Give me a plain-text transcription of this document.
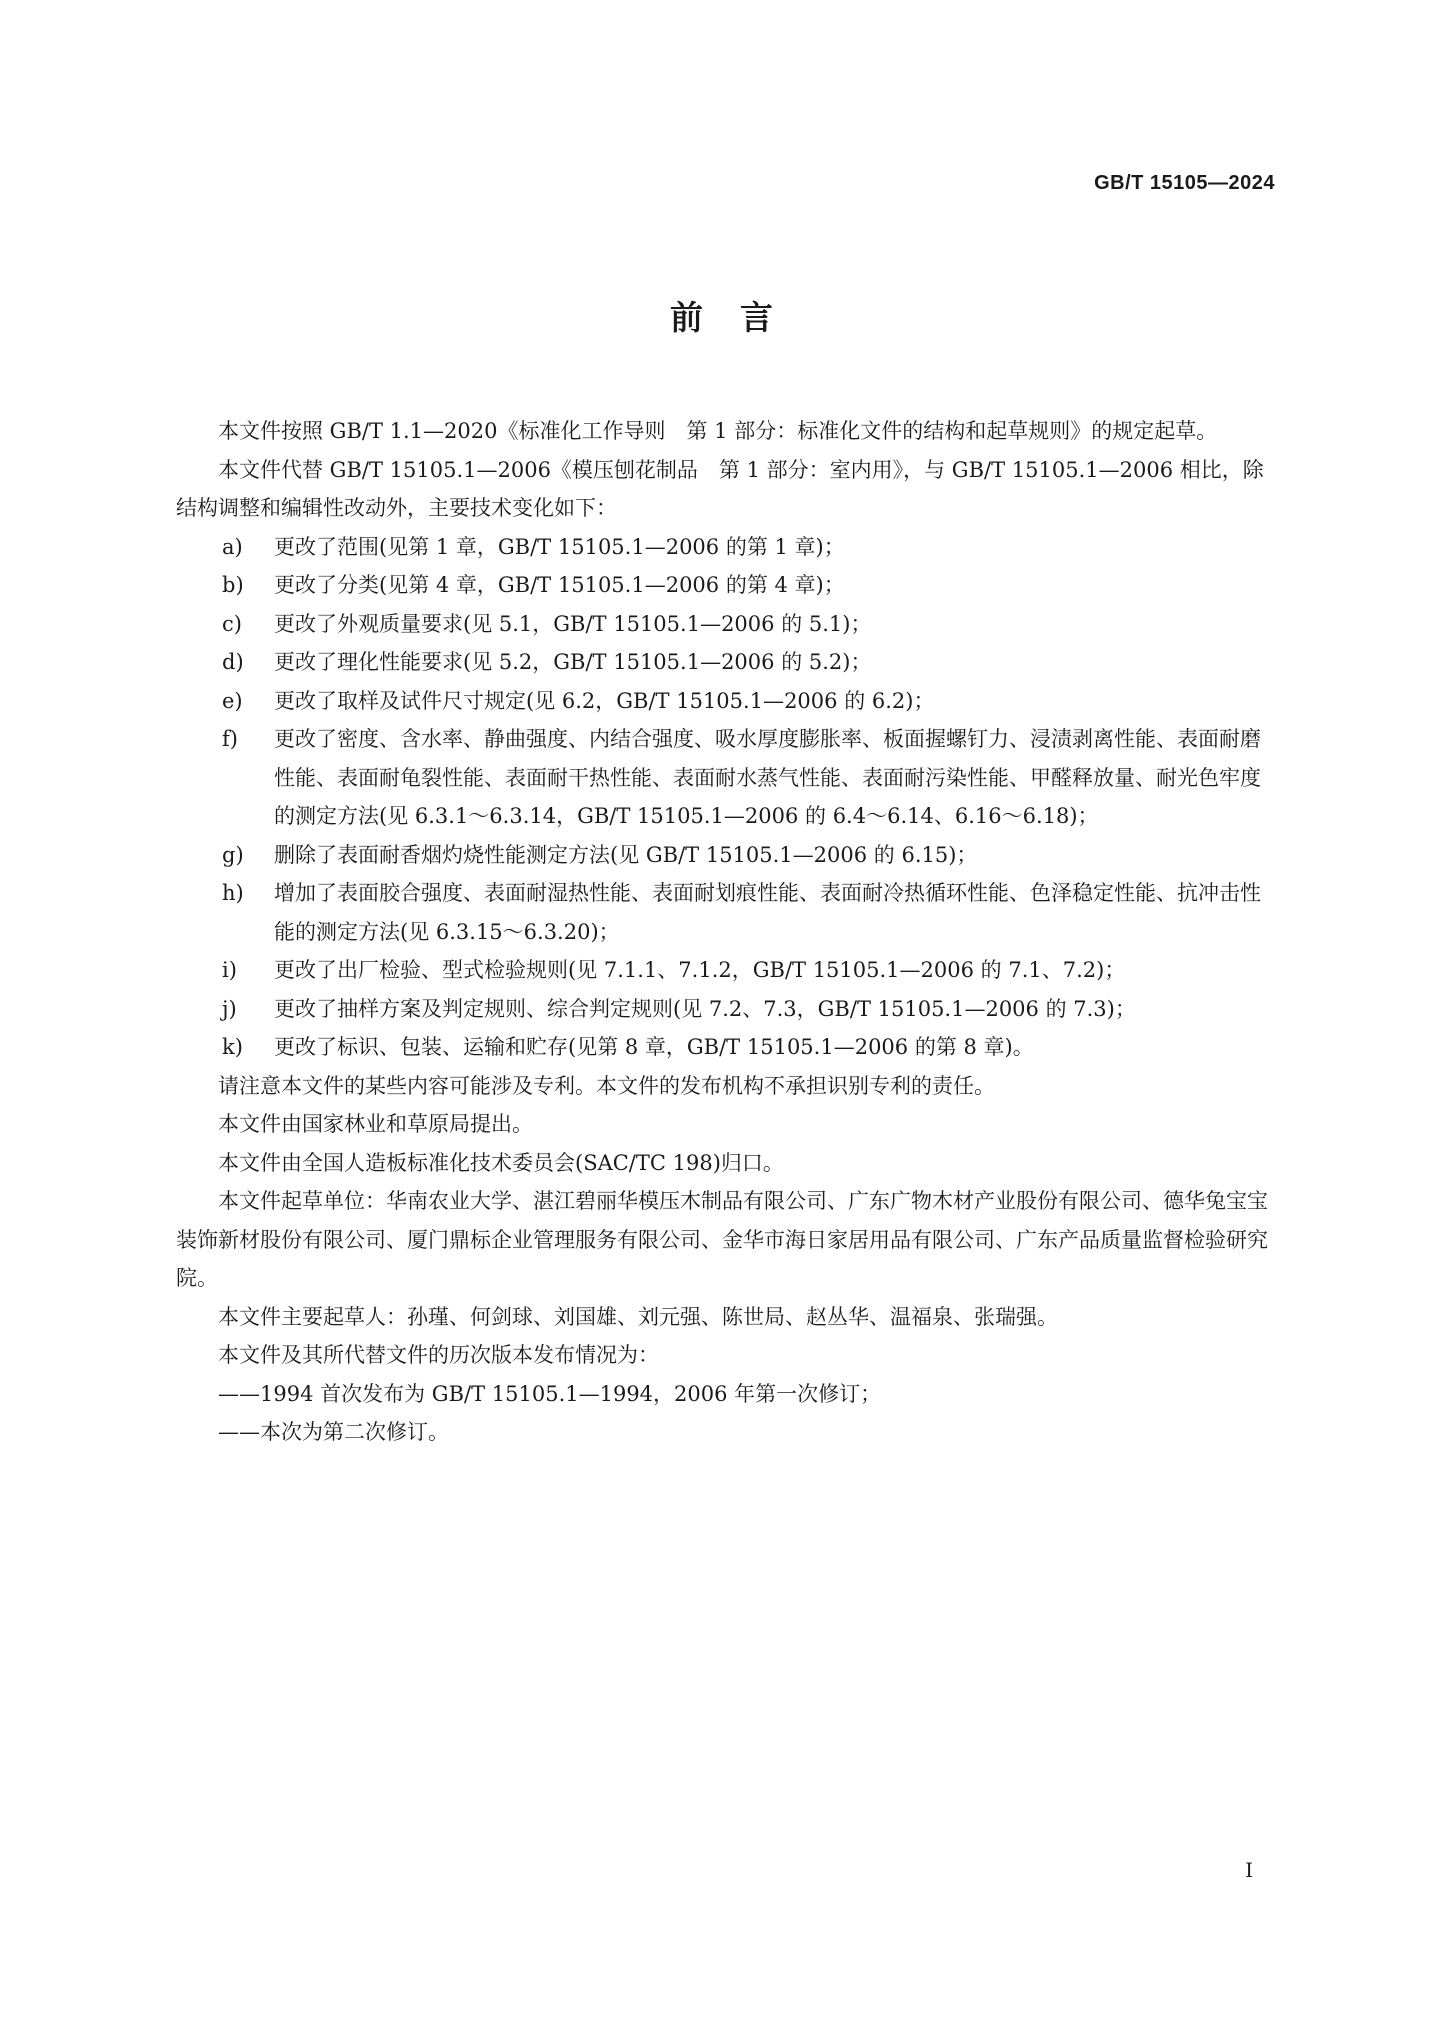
GB/T 15105—2024
前　言

本文件按照 GB/T 1.1—2020《标准化工作导则　第 1 部分：标准化文件的结构和起草规则》的规定起草。

本文件代替 GB/T 15105.1—2006《模压刨花制品　第 1 部分：室内用》，与 GB/T 15105.1—2006 相比，除结构调整和编辑性改动外，主要技术变化如下：

a)	更改了范围(见第 1 章，GB/T 15105.1—2006 的第 1 章)；
b)	更改了分类(见第 4 章，GB/T 15105.1—2006 的第 4 章)；
c)	更改了外观质量要求(见 5.1，GB/T 15105.1—2006 的 5.1)；
d)	更改了理化性能要求(见 5.2，GB/T 15105.1—2006 的 5.2)；
e)	更改了取样及试件尺寸规定(见 6.2，GB/T 15105.1—2006 的 6.2)；
f)	更改了密度、含水率、静曲强度、内结合强度、吸水厚度膨胀率、板面握螺钉力、浸渍剥离性能、表面耐磨性能、表面耐龟裂性能、表面耐干热性能、表面耐水蒸气性能、表面耐污染性能、甲醛释放量、耐光色牢度的测定方法(见 6.3.1～6.3.14，GB/T 15105.1—2006 的 6.4～6.14、6.16～6.18)；
g)	删除了表面耐香烟灼烧性能测定方法(见 GB/T 15105.1—2006 的 6.15)；
h)	增加了表面胶合强度、表面耐湿热性能、表面耐划痕性能、表面耐冷热循环性能、色泽稳定性能、抗冲击性能的测定方法(见 6.3.15～6.3.20)；
i)	更改了出厂检验、型式检验规则(见 7.1.1、7.1.2，GB/T 15105.1—2006 的 7.1、7.2)；
j)	更改了抽样方案及判定规则、综合判定规则(见 7.2、7.3，GB/T 15105.1—2006 的 7.3)；
k)	更改了标识、包装、运输和贮存(见第 8 章，GB/T 15105.1—2006 的第 8 章)。

请注意本文件的某些内容可能涉及专利。本文件的发布机构不承担识别专利的责任。

本文件由国家林业和草原局提出。

本文件由全国人造板标准化技术委员会(SAC/TC 198)归口。

本文件起草单位：华南农业大学、湛江碧丽华模压木制品有限公司、广东广物木材产业股份有限公司、德华兔宝宝装饰新材股份有限公司、厦门鼎标企业管理服务有限公司、金华市海日家居用品有限公司、广东产品质量监督检验研究院。

本文件主要起草人：孙瑾、何剑球、刘国雄、刘元强、陈世局、赵丛华、温福泉、张瑞强。

本文件及其所代替文件的历次版本发布情况为：

——1994 首次发布为 GB/T 15105.1—1994，2006 年第一次修订；

——本次为第二次修订。

I
